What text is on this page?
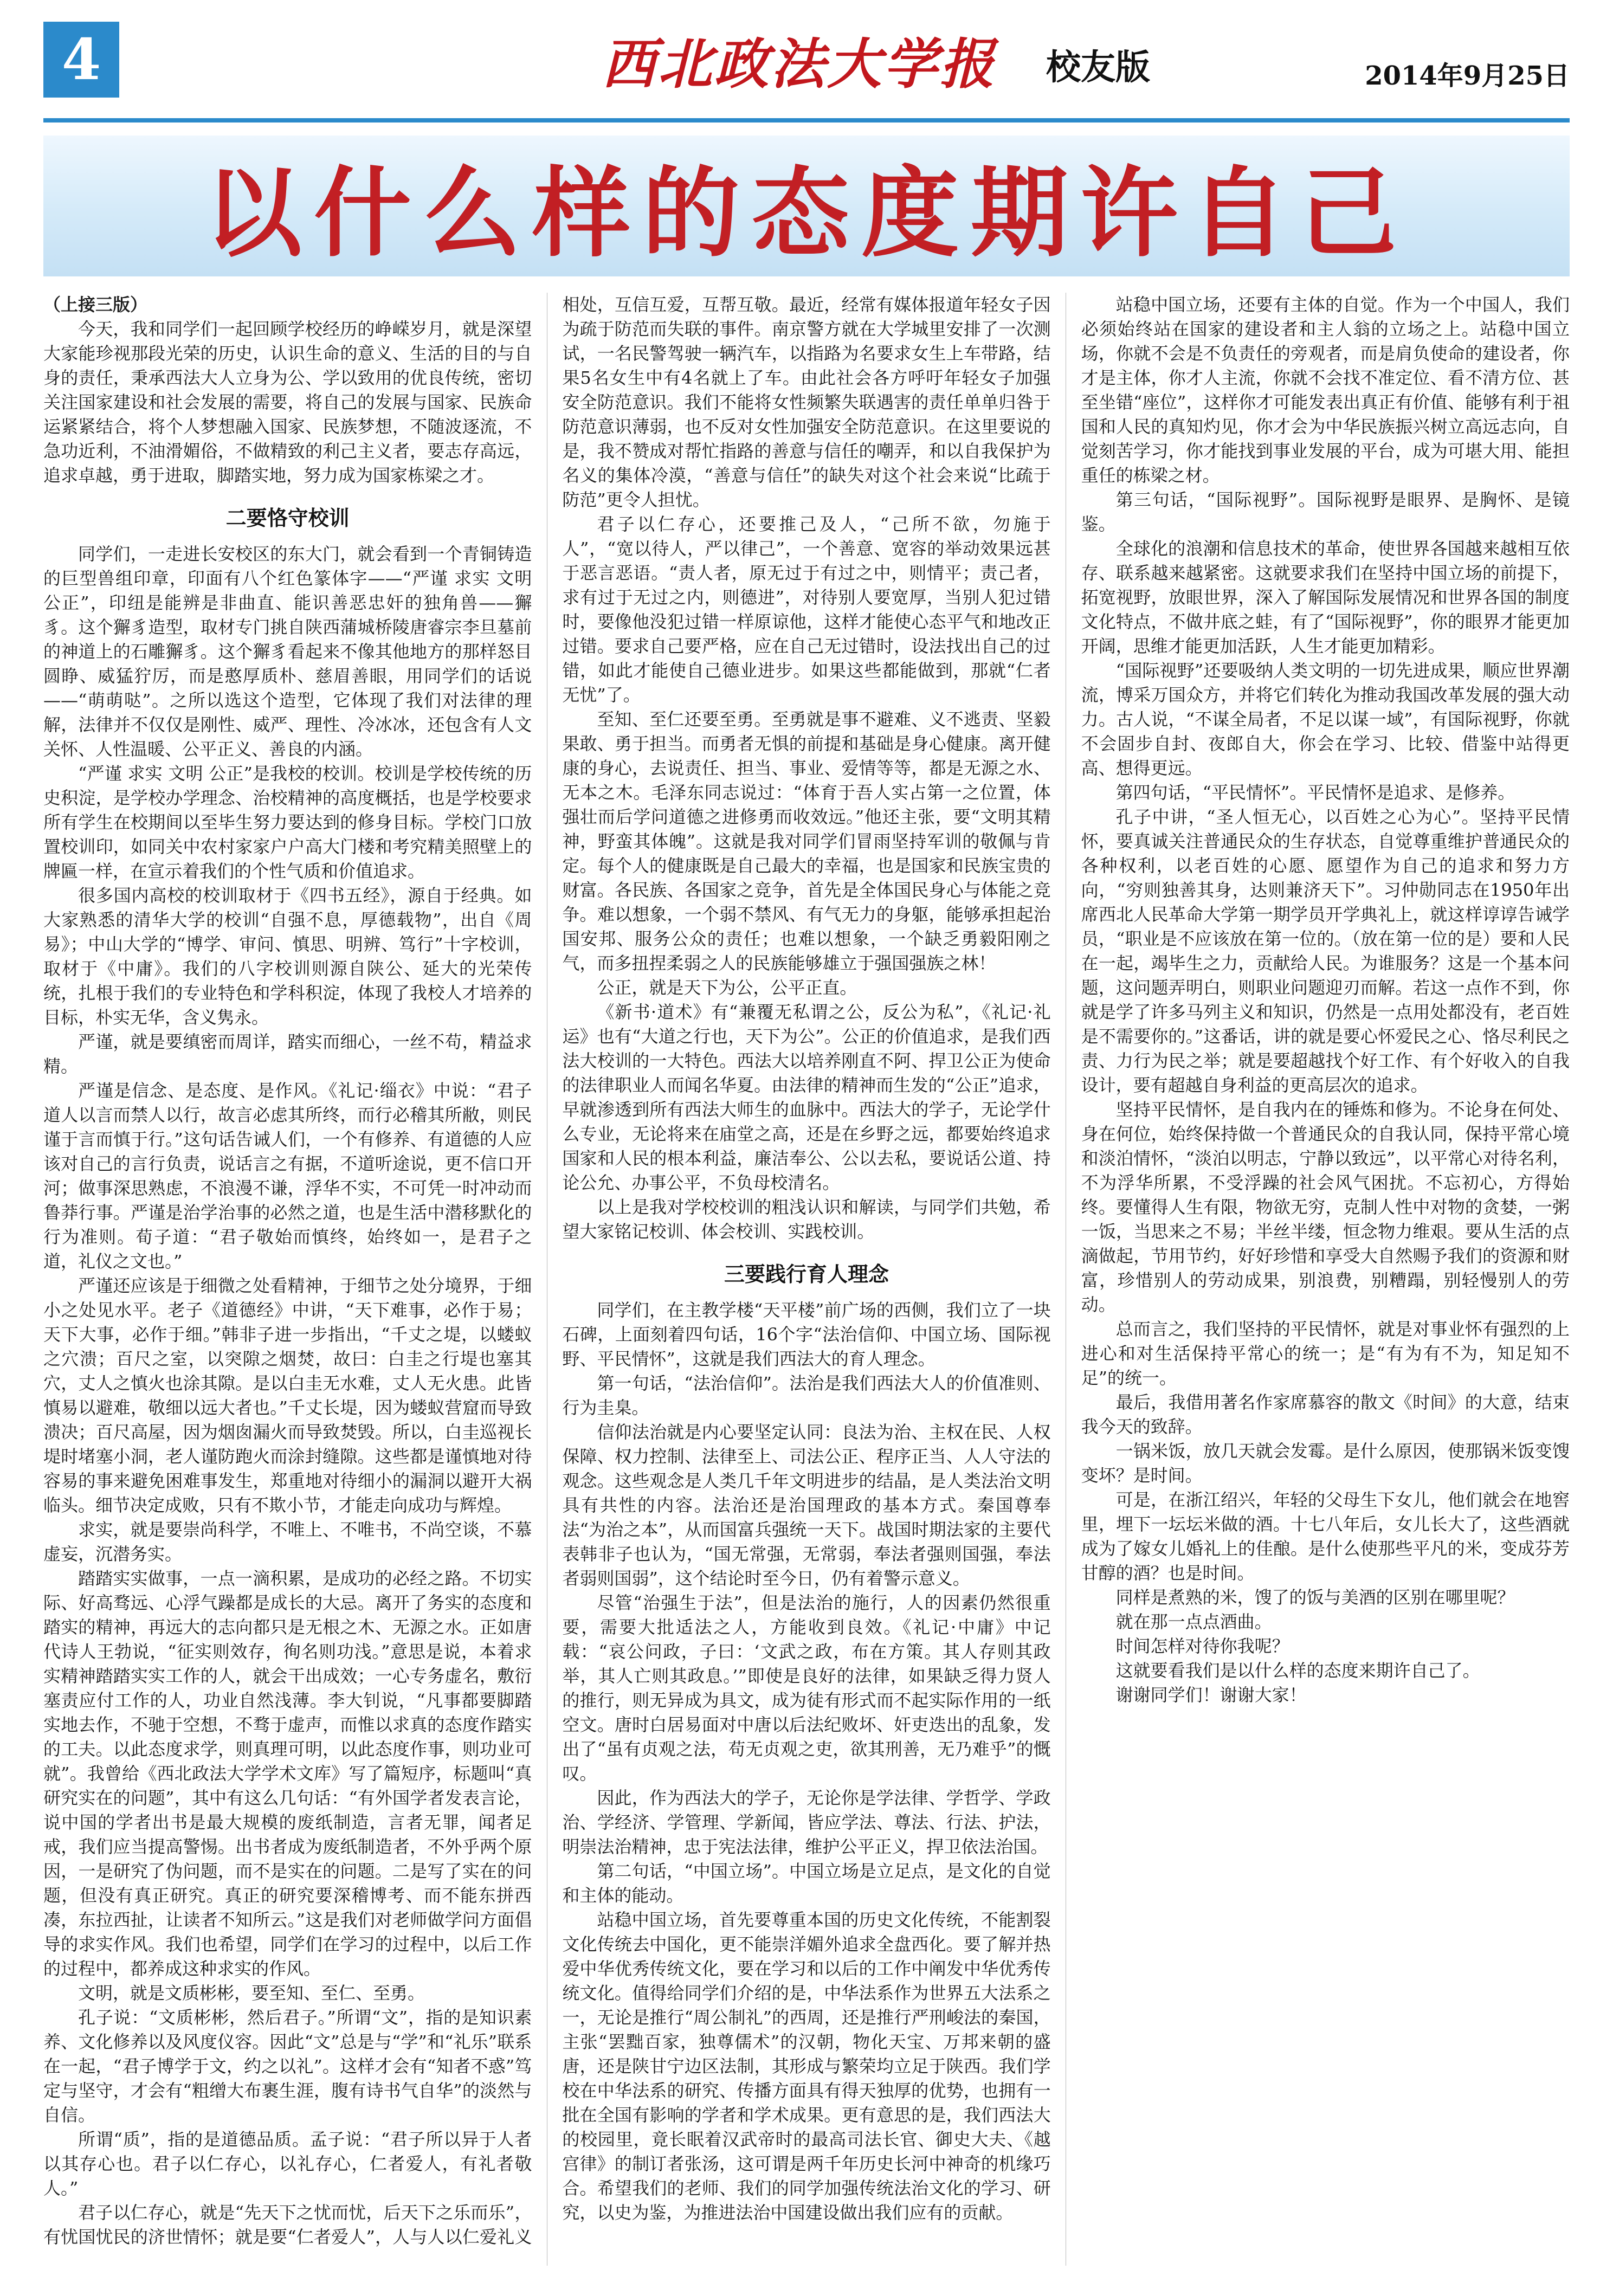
4	西北政法大学报 校友版	2014年9月25日
以什么样的态度期许自己

（上接三版）

今天，我和同学们一起回顾学校经历的峥嵘岁月，就是深望大家能珍视那段光荣的历史，认识生命的意义、生活的目的与自身的责任，秉承西法大人立身为公、学以致用的优良传统，密切关注国家建设和社会发展的需要，将自己的发展与国家、民族命运紧紧结合，将个人梦想融入国家、民族梦想，不随波逐流，不急功近利，不油滑媚俗，不做精致的利己主义者，要志存高远，追求卓越，勇于进取，脚踏实地，努力成为国家栋梁之才。

二要恪守校训

同学们，一走进长安校区的东大门，就会看到一个青铜铸造的巨型兽组印章，印面有八个红色篆体字——“严谨 求实 文明 公正”，印纽是能辨是非曲直、能识善恶忠奸的独角兽——獬豸。这个獬豸造型，取材专门挑自陕西蒲城桥陵唐睿宗李旦墓前的神道上的石雕獬豸。这个獬豸看起来不像其他地方的那样怒目圆睁、威猛狞厉，而是憨厚质朴、慈眉善眼，用同学们的话说——“萌萌哒”。之所以选这个造型，它体现了我们对法律的理解，法律并不仅仅是刚性、威严、理性、冷冰冰，还包含有人文关怀、人性温暖、公平正义、善良的内涵。

“严谨 求实 文明 公正”是我校的校训。校训是学校传统的历史积淀，是学校办学理念、治校精神的高度概括，也是学校要求所有学生在校期间以至毕生努力要达到的修身目标。学校门口放置校训印，如同关中农村家家户户高大门楼和考究精美照壁上的牌匾一样，在宣示着我们的个性气质和价值追求。

很多国内高校的校训取材于《四书五经》，源自于经典。如大家熟悉的清华大学的校训“自强不息，厚德载物”，出自《周易》；中山大学的“博学、审问、慎思、明辨、笃行”十字校训，取材于《中庸》。我们的八字校训则源自陕公、延大的光荣传统，扎根于我们的专业特色和学科积淀，体现了我校人才培养的目标，朴实无华，含义隽永。

严谨，就是要缜密而周详，踏实而细心，一丝不苟，精益求精。

严谨是信念、是态度、是作风。《礼记·缁衣》中说：“君子道人以言而禁人以行，故言必虑其所终，而行必稽其所敝，则民谨于言而慎于行。”这句话告诫人们，一个有修养、有道德的人应该对自己的言行负责，说话言之有据，不道听途说，更不信口开河；做事深思熟虑，不浪漫不谦，浮华不实，不可凭一时冲动而鲁莽行事。严谨是治学治事的必然之道，也是生活中潜移默化的行为准则。荀子道：“君子敬始而慎终，始终如一，是君子之道，礼仪之文也。”

严谨还应该是于细微之处看精神，于细节之处分境界，于细小之处见水平。老子《道德经》中讲，“天下难事，必作于易；天下大事，必作于细。”韩非子进一步指出，“千丈之堤，以蝼蚁之穴溃；百尺之室，以突隙之烟焚，故曰：白圭之行堤也塞其穴，丈人之慎火也涂其隙。是以白圭无水难，丈人无火患。此皆慎易以避难，敬细以远大者也。”千丈长堤，因为蝼蚁营窟而导致溃决；百尺高屋，因为烟囱漏火而导致焚毁。所以，白圭巡视长堤时堵塞小洞，老人谨防跑火而涂封缝隙。这些都是谨慎地对待容易的事来避免困难事发生，郑重地对待细小的漏洞以避开大祸临头。细节决定成败，只有不欺小节，才能走向成功与辉煌。

求实，就是要崇尚科学，不唯上、不唯书，不尚空谈，不慕虚妄，沉潜务实。

踏踏实实做事，一点一滴积累，是成功的必经之路。不切实际、好高骛远、心浮气躁都是成长的大忌。离开了务实的态度和踏实的精神，再远大的志向都只是无根之木、无源之水。正如唐代诗人王勃说，“征实则效存，徇名则功浅。”意思是说，本着求实精神踏踏实实工作的人，就会干出成效；一心专务虚名，敷衍塞责应付工作的人，功业自然浅薄。李大钊说，“凡事都要脚踏实地去作，不驰于空想，不骛于虚声，而惟以求真的态度作踏实的工夫。以此态度求学，则真理可明，以此态度作事，则功业可就”。我曾给《西北政法大学学术文库》写了篇短序，标题叫“真研究实在的问题”，其中有这么几句话：“有外国学者发表言论，说中国的学者出书是最大规模的废纸制造，言者无罪，闻者足戒，我们应当提高警惕。出书者成为废纸制造者，不外乎两个原因，一是研究了伪问题，而不是实在的问题。二是写了实在的问题，但没有真正研究。真正的研究要深稽博考、而不能东拼西凑，东拉西扯，让读者不知所云。”这是我们对老师做学问方面倡导的求实作风。我们也希望，同学们在学习的过程中，以后工作的过程中，都养成这种求实的作风。

文明，就是文质彬彬，要至知、至仁、至勇。

孔子说：“文质彬彬，然后君子。”所谓“文”，指的是知识素养、文化修养以及风度仪容。因此“文”总是与“学”和“礼乐”联系在一起，“君子博学于文，约之以礼”。这样才会有“知者不惑”笃定与坚守，才会有“粗缯大布裹生涯，腹有诗书气自华”的淡然与自信。

所谓“质”，指的是道德品质。孟子说：“君子所以异于人者以其存心也。君子以仁存心，以礼存心，仁者爱人，有礼者敬人。”

君子以仁存心，就是“先天下之忧而忧，后天下之乐而乐”，有忧国忧民的济世情怀；就是要“仁者爱人”，人与人以仁爱礼义相处，互信互爱，互帮互敬。最近，经常有媒体报道年轻女子因为疏于防范而失联的事件。南京警方就在大学城里安排了一次测试，一名民警驾驶一辆汽车，以指路为名要求女生上车带路，结果5名女生中有4名就上了车。由此社会各方呼吁年轻女子加强安全防范意识。我们不能将女性频繁失联遇害的责任单单归咎于防范意识薄弱，也不反对女性加强安全防范意识。在这里要说的是，我不赞成对帮忙指路的善意与信任的嘲弄，和以自我保护为名义的集体冷漠，“善意与信任”的缺失对这个社会来说“比疏于防范”更令人担忧。

君子以仁存心，还要推己及人，“己所不欲，勿施于人”，“宽以待人，严以律己”，一个善意、宽容的举动效果远甚于恶言恶语。“责人者，原无过于有过之中，则情平；责己者，求有过于无过之内，则德进”，对待别人要宽厚，当别人犯过错时，要像他没犯过错一样原谅他，这样才能使心态平气和地改正过错。要求自己要严格，应在自己无过错时，设法找出自己的过错，如此才能使自己德业进步。如果这些都能做到，那就“仁者无忧”了。

至知、至仁还要至勇。至勇就是事不避难、义不逃责、坚毅果敢、勇于担当。而勇者无惧的前提和基础是身心健康。离开健康的身心，去说责任、担当、事业、爱情等等，都是无源之水、无本之木。毛泽东同志说过：“体育于吾人实占第一之位置，体强壮而后学问道德之进修勇而收效远。”他还主张，要“文明其精神，野蛮其体魄”。这就是我对同学们冒雨坚持军训的敬佩与肯定。每个人的健康既是自己最大的幸福，也是国家和民族宝贵的财富。各民族、各国家之竞争，首先是全体国民身心与体能之竞争。难以想象，一个弱不禁风、有气无力的身躯，能够承担起治国安邦、服务公众的责任；也难以想象，一个缺乏勇毅阳刚之气，而多扭捏柔弱之人的民族能够雄立于强国强族之林！

公正，就是天下为公，公平正直。

《新书·道术》有“兼覆无私谓之公，反公为私”，《礼记·礼运》也有“大道之行也，天下为公”。公正的价值追求，是我们西法大校训的一大特色。西法大以培养刚直不阿、捍卫公正为使命的法律职业人而闻名华夏。由法律的精神而生发的“公正”追求，早就渗透到所有西法大师生的血脉中。西法大的学子，无论学什么专业，无论将来在庙堂之高，还是在乡野之远，都要始终追求国家和人民的根本利益，廉洁奉公、公以去私，要说话公道、持论公允、办事公平，不负母校清名。

以上是我对学校校训的粗浅认识和解读，与同学们共勉，希望大家铭记校训、体会校训、实践校训。

三要践行育人理念

同学们，在主教学楼“天平楼”前广场的西侧，我们立了一块石碑，上面刻着四句话，16个字“法治信仰、中国立场、国际视野、平民情怀”，这就是我们西法大的育人理念。

第一句话，“法治信仰”。法治是我们西法大人的价值准则、行为圭臬。

信仰法治就是内心要坚定认同：良法为治、主权在民、人权保障、权力控制、法律至上、司法公正、程序正当、人人守法的观念。这些观念是人类几千年文明进步的结晶，是人类法治文明具有共性的内容。法治还是治国理政的基本方式。秦国尊奉法“为治之本”，从而国富兵强统一天下。战国时期法家的主要代表韩非子也认为，“国无常强，无常弱，奉法者强则国强，奉法者弱则国弱”，这个结论时至今日，仍有着警示意义。

尽管“治强生于法”，但是法治的施行，人的因素仍然很重要，需要大批适法之人，方能收到良效。《礼记·中庸》中记载：“哀公问政，子曰：‘文武之政，布在方策。其人存则其政举，其人亡则其政息。’”即使是良好的法律，如果缺乏得力贤人的推行，则无异成为具文，成为徒有形式而不起实际作用的一纸空文。唐时白居易面对中唐以后法纪败坏、奸吏迭出的乱象，发出了“虽有贞观之法，苟无贞观之吏，欲其刑善，无乃难乎”的慨叹。

因此，作为西法大的学子，无论你是学法律、学哲学、学政治、学经济、学管理、学新闻，皆应学法、尊法、行法、护法，明崇法治精神，忠于宪法法律，维护公平正义，捍卫依法治国。

第二句话，“中国立场”。中国立场是立足点，是文化的自觉和主体的能动。

站稳中国立场，首先要尊重本国的历史文化传统，不能割裂文化传统去中国化，更不能崇洋媚外追求全盘西化。要了解并热爱中华优秀传统文化，要在学习和以后的工作中阐发中华优秀传统文化。值得给同学们介绍的是，中华法系作为世界五大法系之一，无论是推行“周公制礼”的西周，还是推行严刑峻法的秦国，主张“罢黜百家，独尊儒术”的汉朝，物化天宝、万邦来朝的盛唐，还是陕甘宁边区法制，其形成与繁荣均立足于陕西。我们学校在中华法系的研究、传播方面具有得天独厚的优势，也拥有一批在全国有影响的学者和学术成果。更有意思的是，我们西法大的校园里，竟长眠着汉武帝时的最高司法长官、御史大夫、《越宫律》的制订者张汤，这可谓是两千年历史长河中神奇的机缘巧合。希望我们的老师、我们的同学加强传统法治文化的学习、研究，以史为鉴，为推进法治中国建设做出我们应有的贡献。

站稳中国立场，还要有主体的自觉。作为一个中国人，我们必须始终站在国家的建设者和主人翁的立场之上。站稳中国立场，你就不会是不负责任的旁观者，而是肩负使命的建设者，你才是主体，你才人主流，你就不会找不准定位、看不清方位、甚至坐错“座位”，这样你才可能发表出真正有价值、能够有利于祖国和人民的真知灼见，你才会为中华民族振兴树立高远志向，自觉刻苦学习，你才能找到事业发展的平台，成为可堪大用、能担重任的栋梁之材。

第三句话，“国际视野”。国际视野是眼界、是胸怀、是镜鉴。

全球化的浪潮和信息技术的革命，使世界各国越来越相互依存、联系越来越紧密。这就要求我们在坚持中国立场的前提下，拓宽视野，放眼世界，深入了解国际发展情况和世界各国的制度文化特点，不做井底之蛙，有了“国际视野”，你的眼界才能更加开阔，思维才能更加活跃，人生才能更加精彩。

“国际视野”还要吸纳人类文明的一切先进成果，顺应世界潮流，博采万国众方，并将它们转化为推动我国改革发展的强大动力。古人说，“不谋全局者，不足以谋一域”，有国际视野，你就不会固步自封、夜郎自大，你会在学习、比较、借鉴中站得更高、想得更远。

第四句话，“平民情怀”。平民情怀是追求、是修养。

孔子中讲，“圣人恒无心，以百姓之心为心”。坚持平民情怀，要真诚关注普通民众的生存状态，自觉尊重维护普通民众的各种权利，以老百姓的心愿、愿望作为自己的追求和努力方向，“穷则独善其身，达则兼济天下”。习仲勋同志在1950年出席西北人民革命大学第一期学员开学典礼上，就这样谆谆告诫学员，“职业是不应该放在第一位的。（放在第一位的是）要和人民在一起，竭毕生之力，贡献给人民。为谁服务？这是一个基本问题，这问题弄明白，则职业问题迎刃而解。若这一点作不到，你就是学了许多马列主义和知识，仍然是一点用处都没有，老百姓是不需要你的。”这番话，讲的就是要心怀爱民之心、恪尽利民之责、力行为民之举；就是要超越找个好工作、有个好收入的自我设计，要有超越自身利益的更高层次的追求。

坚持平民情怀，是自我内在的锤炼和修为。不论身在何处、身在何位，始终保持做一个普通民众的自我认同，保持平常心境和淡泊情怀，“淡泊以明志，宁静以致远”，以平常心对待名利，不为浮华所累，不受浮躁的社会风气困扰。不忘初心，方得始终。要懂得人生有限，物欲无穷，克制人性中对物的贪婪，一粥一饭，当思来之不易；半丝半缕，恒念物力维艰。要从生活的点滴做起，节用节约，好好珍惜和享受大自然赐予我们的资源和财富，珍惜别人的劳动成果，别浪费，别糟蹋，别轻慢别人的劳动。

总而言之，我们坚持的平民情怀，就是对事业怀有强烈的上进心和对生活保持平常心的统一；是“有为有不为，知足知不足”的统一。

最后，我借用著名作家席慕容的散文《时间》的大意，结束我今天的致辞。

一锅米饭，放几天就会发霉。是什么原因，使那锅米饭变馊变坏？是时间。

可是，在浙江绍兴，年轻的父母生下女儿，他们就会在地窖里，埋下一坛坛米做的酒。十七八年后，女儿长大了，这些酒就成为了嫁女儿婚礼上的佳酿。是什么使那些平凡的米，变成芬芳甘醇的酒？也是时间。

同样是煮熟的米，馊了的饭与美酒的区别在哪里呢？

就在那一点点酒曲。

时间怎样对待你我呢？

这就要看我们是以什么样的态度来期许自己了。

谢谢同学们！谢谢大家！
